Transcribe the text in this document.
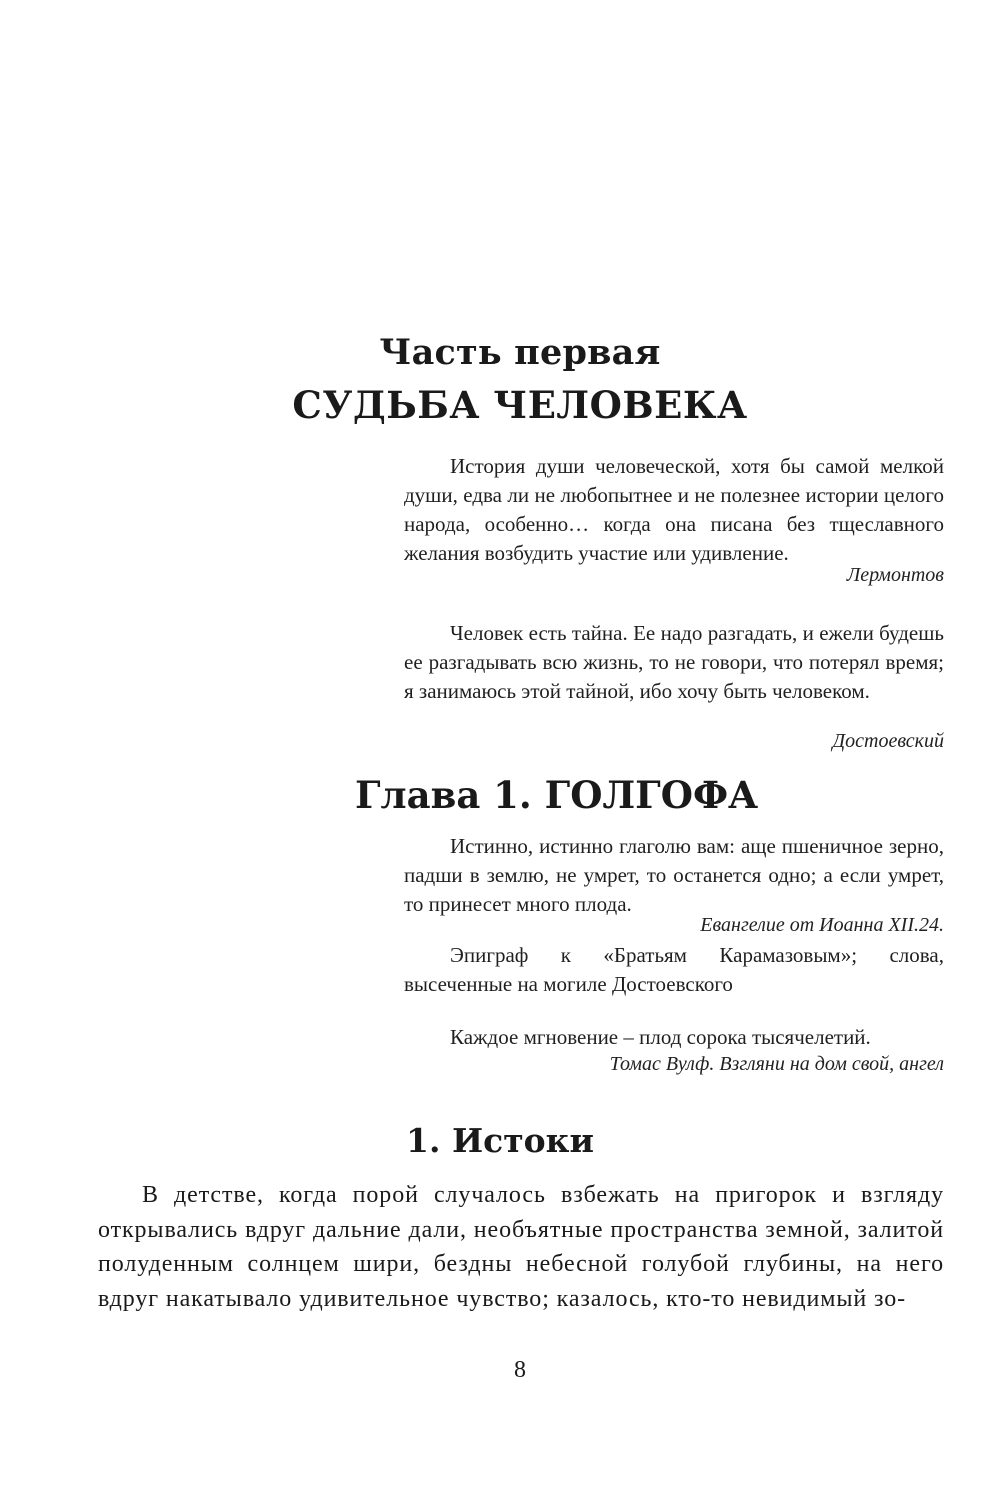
Часть первая
СУДЬБА ЧЕЛОВЕКА

История души человеческой, хотя бы самой мелкой души, едва ли не любопытнее и не полезнее истории целого народа, особенно… когда она писана без тщеславного желания возбудить участие или удивление.

Лермонтов

Человек есть тайна. Ее надо разгадать, и ежели будешь ее разгадывать всю жизнь, то не говори, что потерял время; я занимаюсь этой тайной, ибо хочу быть человеком.

Достоевский
Глава 1. ГОЛГОФА

Истинно, истинно глаголю вам: аще пшеничное зерно, падши в землю, не умрет, то останется одно; а если умрет, то принесет много плода.

Евангелие от Иоанна XII.24.

Эпиграф к «Братьям Карамазовым»; слова, высеченные на могиле Достоевского

Каждое мгновение – плод сорока тысячелетий.

Томас Вулф. Взгляни на дом свой, ангел
1. Истоки

В детстве, когда порой случалось взбежать на пригорок и взгляду открывались вдруг дальние дали, необъятные пространства земной, залитой полуденным солнцем шири, бездны небесной голубой глубины, на него вдруг накатывало удивительное чувство; казалось, кто-то невидимый зо-

8
